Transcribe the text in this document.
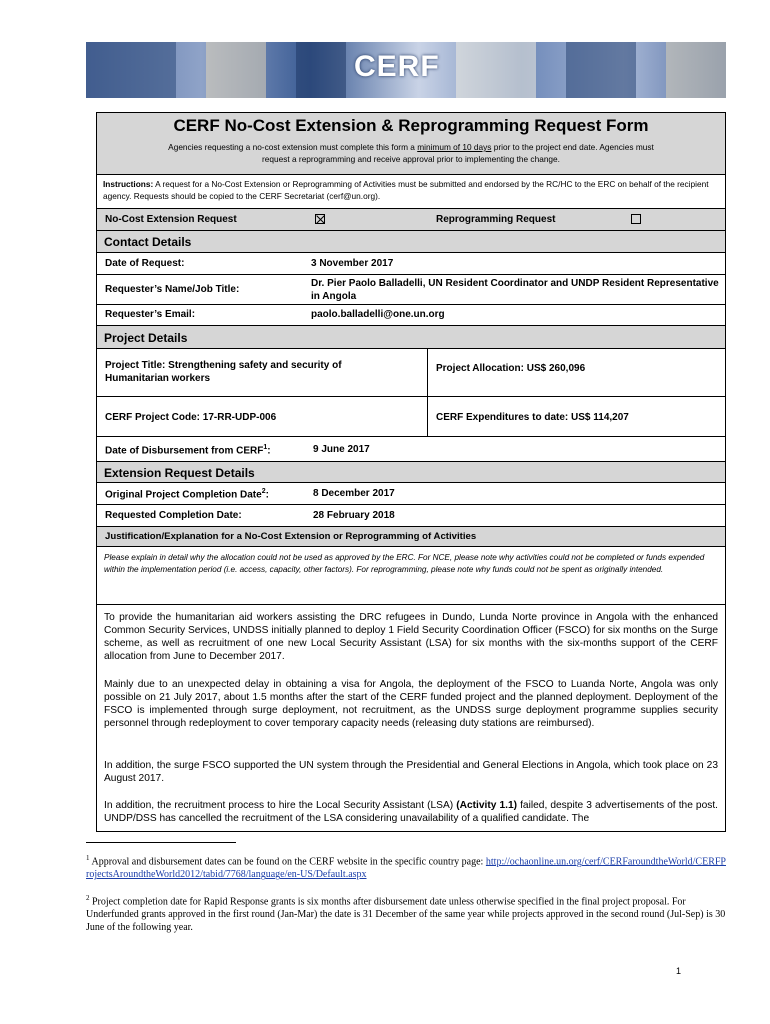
CERF
CERF No-Cost Extension & Reprogramming Request Form
Agencies requesting a no-cost extension must complete this form a minimum of 10 days prior to the project end date. Agencies must
request a reprogramming and receive approval prior to implementing the change.
Instructions: A request for a No-Cost Extension or Reprogramming of Activities must be submitted and endorsed by the RC/HC to the ERC on behalf of the recipient agency. Requests should be copied to the CERF Secretariat (cerf@un.org).
No-Cost Extension Request	Reprogramming Request
Contact Details
Date of Request:	3 November 2017
Requester’s Name/Job Title:
Dr. Pier Paolo Balladelli, UN Resident Coordinator and UNDP Resident Representative in Angola
Requester’s Email:	paolo.balladelli@one.un.org
Project Details
Project Title: Strengthening safety and security of Humanitarian workers
Project Allocation: US$ 260,096
CERF Project Code: 17-RR-UDP-006	CERF Expenditures to date: US$ 114,207
Date of Disbursement from CERF$^1$:	9 June 2017
Extension Request Details
Original Project Completion Date$^2$:	8 December 2017
Requested Completion Date:	28 February 2018
Justification/Explanation for a No-Cost Extension or Reprogramming of Activities
Please explain in detail why the allocation could not be used as approved by the ERC. For NCE, please note why activities could not be completed or funds expended within the implementation period (i.e. access, capacity, other factors). For reprogramming, please note why funds could not be spent as originally intended.
To provide the humanitarian aid workers assisting the DRC refugees in Dundo, Lunda Norte province in Angola with the enhanced Common Security Services, UNDSS initially planned to deploy 1 Field Security Coordination Officer (FSCO) for six months on the Surge scheme, as well as recruitment of one new Local Security Assistant (LSA) for six months with the six-months support of the CERF allocation from June to December 2017.
Mainly due to an unexpected delay in obtaining a visa for Angola, the deployment of the FSCO to Luanda Norte, Angola was only possible on 21 July 2017, about 1.5 months after the start of the CERF funded project and the planned deployment. Deployment of the FSCO is implemented through surge deployment, not recruitment, as the UNDSS surge deployment programme supplies security personnel through redeployment to cover temporary capacity needs (releasing duty stations are reimbursed).
In addition, the surge FSCO supported the UN system through the Presidential and General Elections in Angola, which took place on 23 August 2017.
In addition, the recruitment process to hire the Local Security Assistant (LSA) (Activity 1.1) failed, despite 3 advertisements of the post. UNDP/DSS has cancelled the recruitment of the LSA considering unavailability of a qualified candidate. The
$^1$ Approval and disbursement dates can be found on the CERF website in the specific country page: http://ochaonline.un.org/cerf/CERFaroundtheWorld/CERFProjectsAroundtheWorld2012/tabid/7768/language/en-US/Default.aspx
$^2$ Project completion date for Rapid Response grants is six months after disbursement date unless otherwise specified in the final project proposal. For Underfunded grants approved in the first round (Jan-Mar) the date is 31 December of the same year while projects approved in the second round (Jul-Sep) is 30 June of the following year.
1
